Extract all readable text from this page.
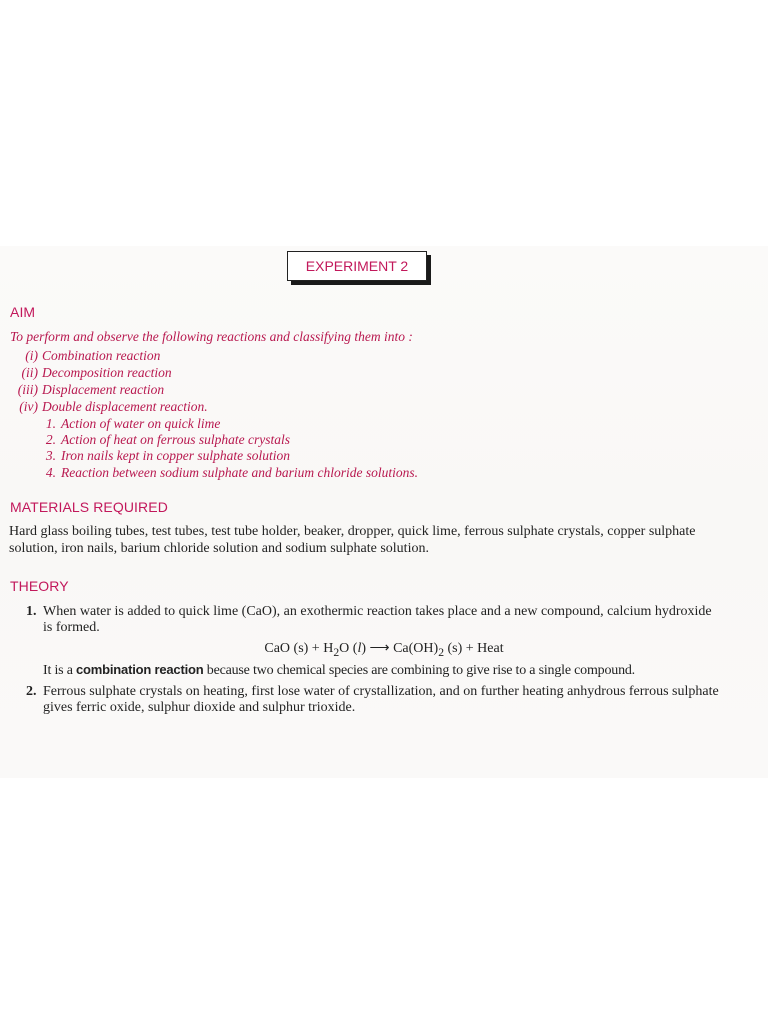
EXPERIMENT 2
AIM
To perform and observe the following reactions and classifying them into :
(i) Combination reaction
(ii) Decomposition reaction
(iii) Displacement reaction
(iv) Double displacement reaction.
1. Action of water on quick lime
2. Action of heat on ferrous sulphate crystals
3. Iron nails kept in copper sulphate solution
4. Reaction between sodium sulphate and barium chloride solutions.
MATERIALS REQUIRED
Hard glass boiling tubes, test tubes, test tube holder, beaker, dropper, quick lime, ferrous sulphate crystals, copper sulphate solution, iron nails, barium chloride solution and sodium sulphate solution.
THEORY
1. When water is added to quick lime (CaO), an exothermic reaction takes place and a new compound, calcium hydroxide is formed.
CaO $(s) + H_2O$ (l) ⟶ $Ca(OH)_2$ (s) + Heat
It is a combination reaction because two chemical species are combining to give rise to a single compound.
2. Ferrous sulphate crystals on heating, first lose water of crystallization, and on further heating anhydrous ferrous sulphate gives ferric oxide, sulphur dioxide and sulphur trioxide.
